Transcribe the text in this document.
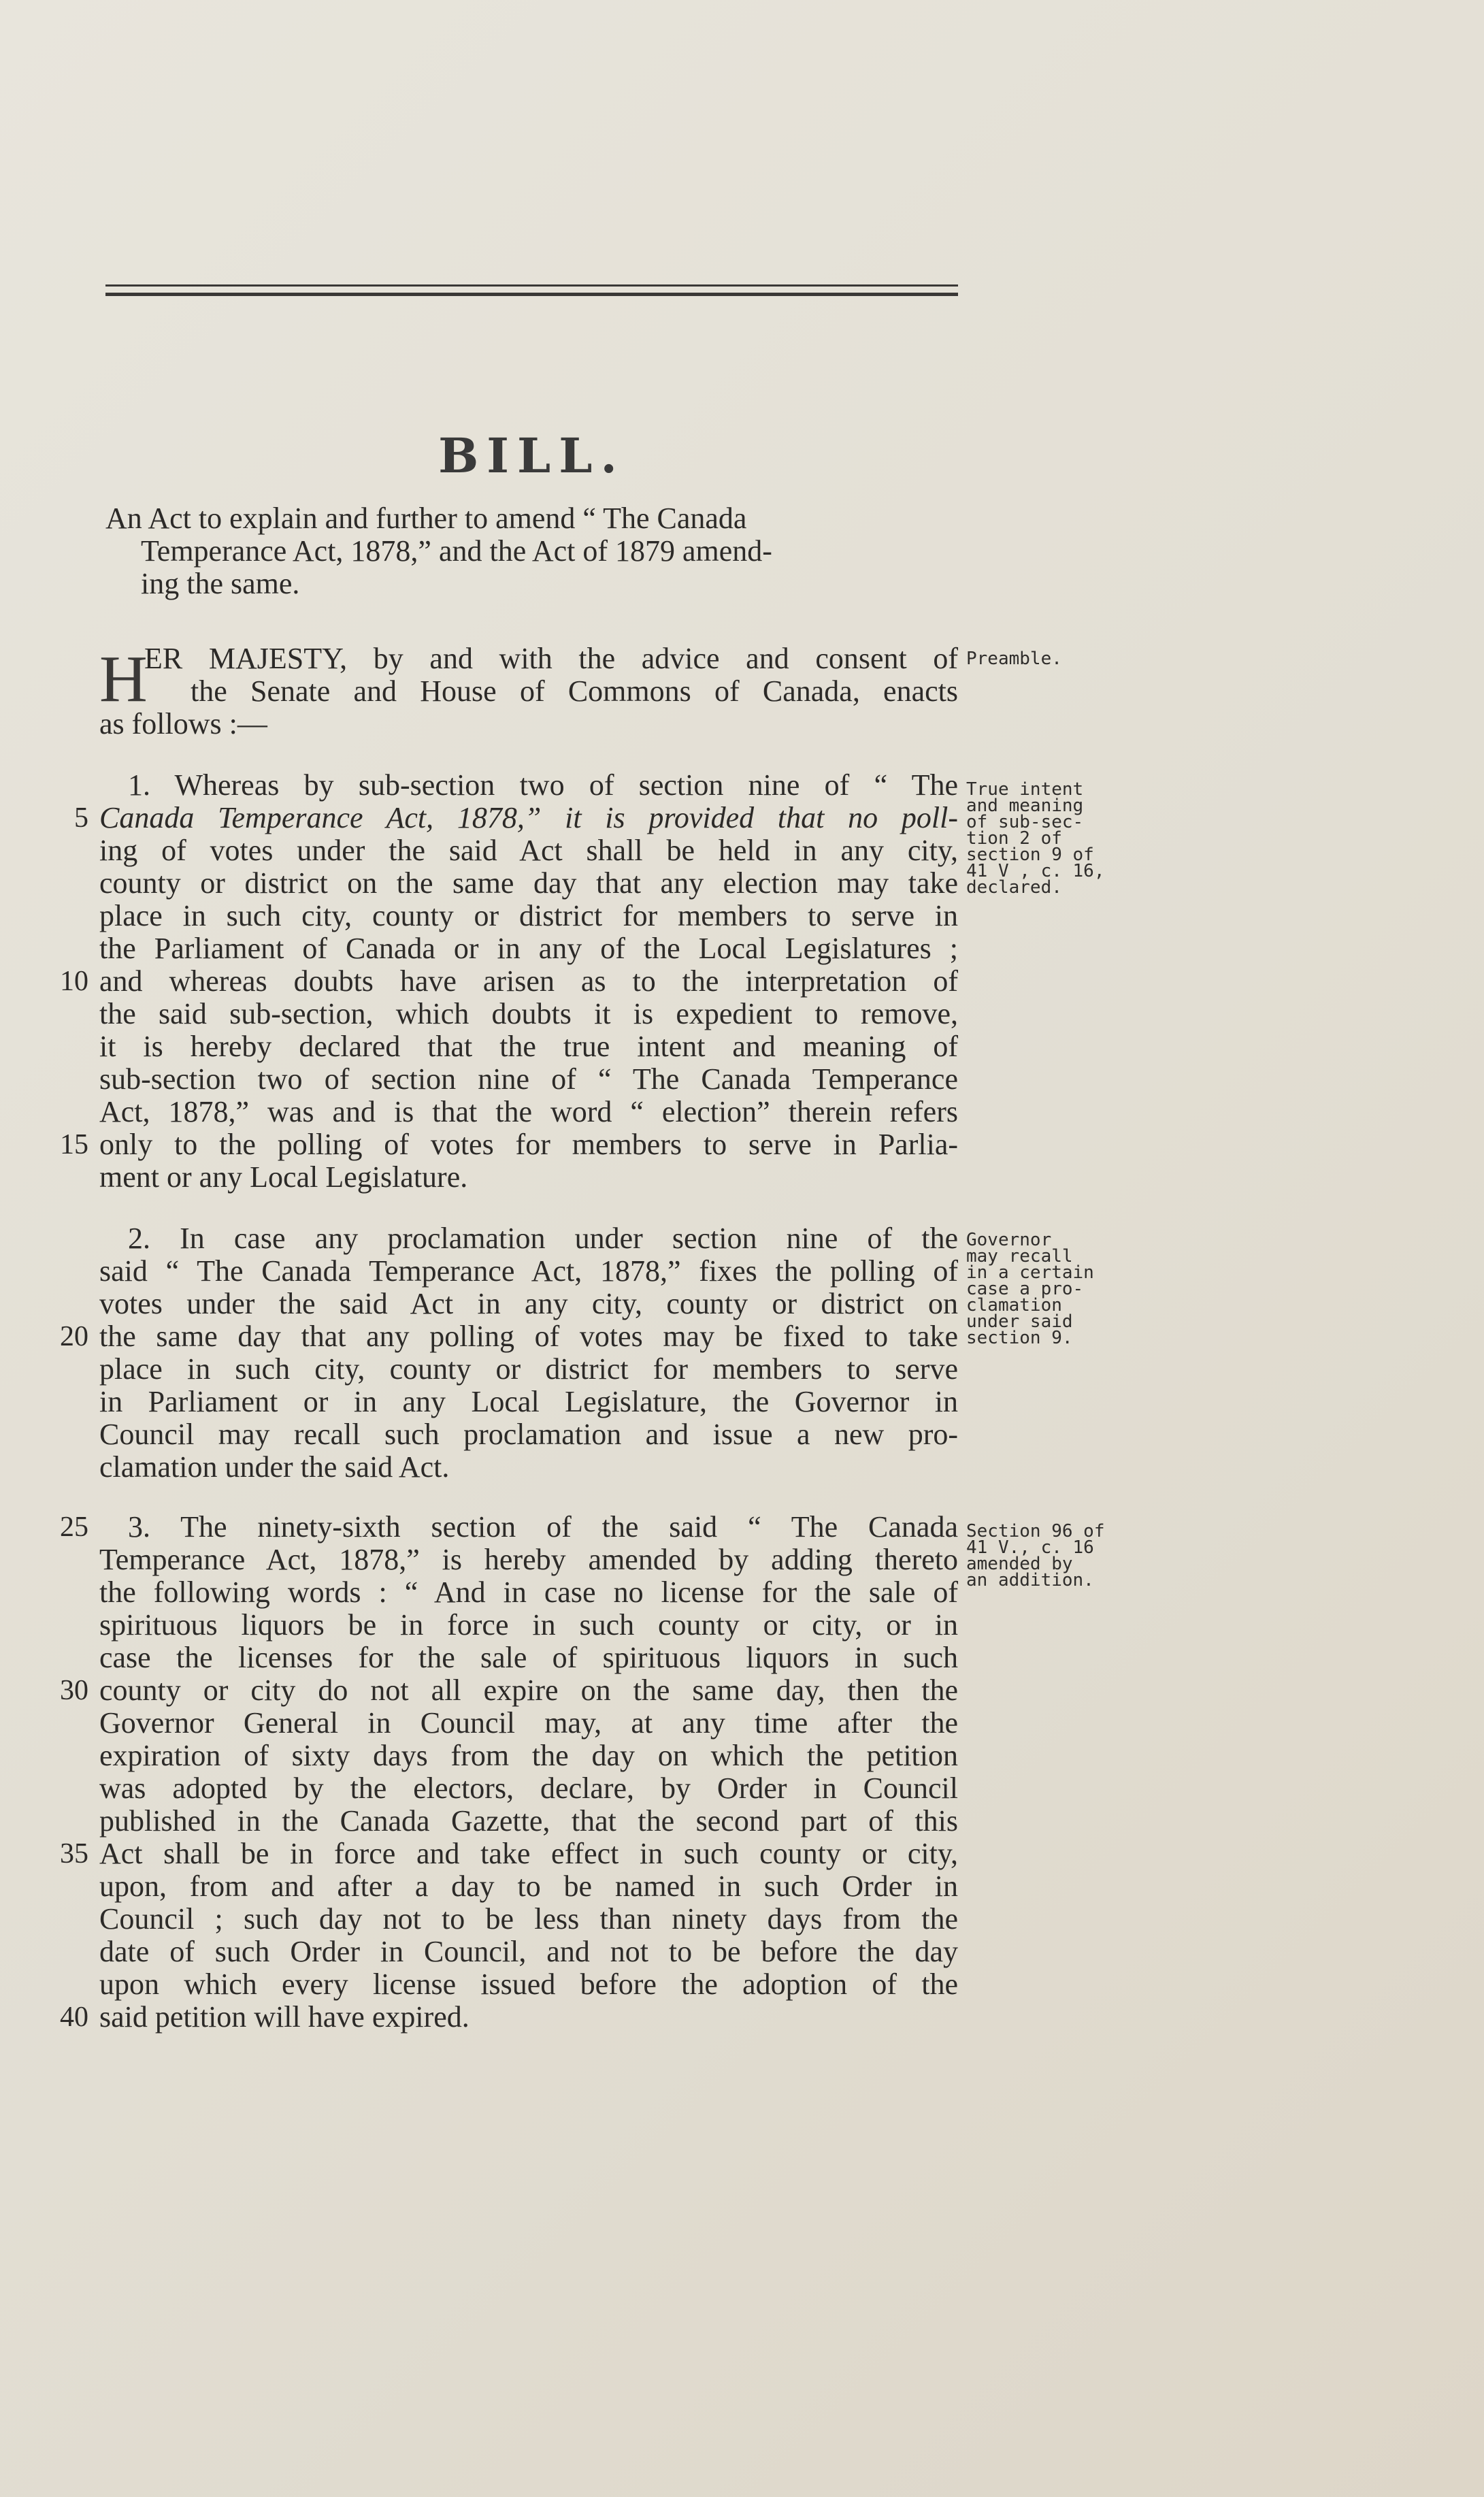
BILL.
An Act to explain and further to amend “ The Canada
Temperance Act, 1878,” and the Act of 1879 amend-
ing the same.
H
ER MAJESTY, by and with the advice and consent of
the Senate and House of Commons of Canada, enacts
as follows :—
Preamble.
1. Whereas by sub-section two of section nine of “ The
5 Canada Temperance Act, 1878,” it is provided that no poll-
ing of votes under the said Act shall be held in any city,
county or district on the same day that any election may take
place in such city, county or district for members to serve in
the Parliament of Canada or in any of the Local Legislatures ;
10 and whereas doubts have arisen as to the interpretation of
the said sub-section, which doubts it is expedient to remove,
it is hereby declared that the true intent and meaning of
sub-section two of section nine of “ The Canada Temperance
Act, 1878,” was and is that the word “ election” therein refers
15 only to the polling of votes for members to serve in Parlia-
ment or any Local Legislature.
True intent
and meaning
of sub-sec-
tion 2 of
section 9 of
41 V , c. 16,
declared.
2. In case any proclamation under section nine of the
said “ The Canada Temperance Act, 1878,” fixes the polling of
votes under the said Act in any city, county or district on
20 the same day that any polling of votes may be fixed to take
place in such city, county or district for members to serve
in Parliament or in any Local Legislature, the Governor in
Council may recall such proclamation and issue a new pro-
clamation under the said Act.
Governor
may recall
in a certain
case a pro-
clamation
under said
section 9.
25 3. The ninety-sixth section of the said “ The Canada
Temperance Act, 1878,” is hereby amended by adding thereto
the following words : “ And in case no license for the sale of
spirituous liquors be in force in such county or city, or in
case the licenses for the sale of spirituous liquors in such
30 county or city do not all expire on the same day, then the
Governor General in Council may, at any time after the
expiration of sixty days from the day on which the petition
was adopted by the electors, declare, by Order in Council
published in the Canada Gazette, that the second part of this
35 Act shall be in force and take effect in such county or city,
upon, from and after a day to be named in such Order in
Council ; such day not to be less than ninety days from the
date of such Order in Council, and not to be before the day
upon which every license issued before the adoption of the
40 said petition will have expired.
Section 96 of
41 V., c. 16
amended by
an addition.
